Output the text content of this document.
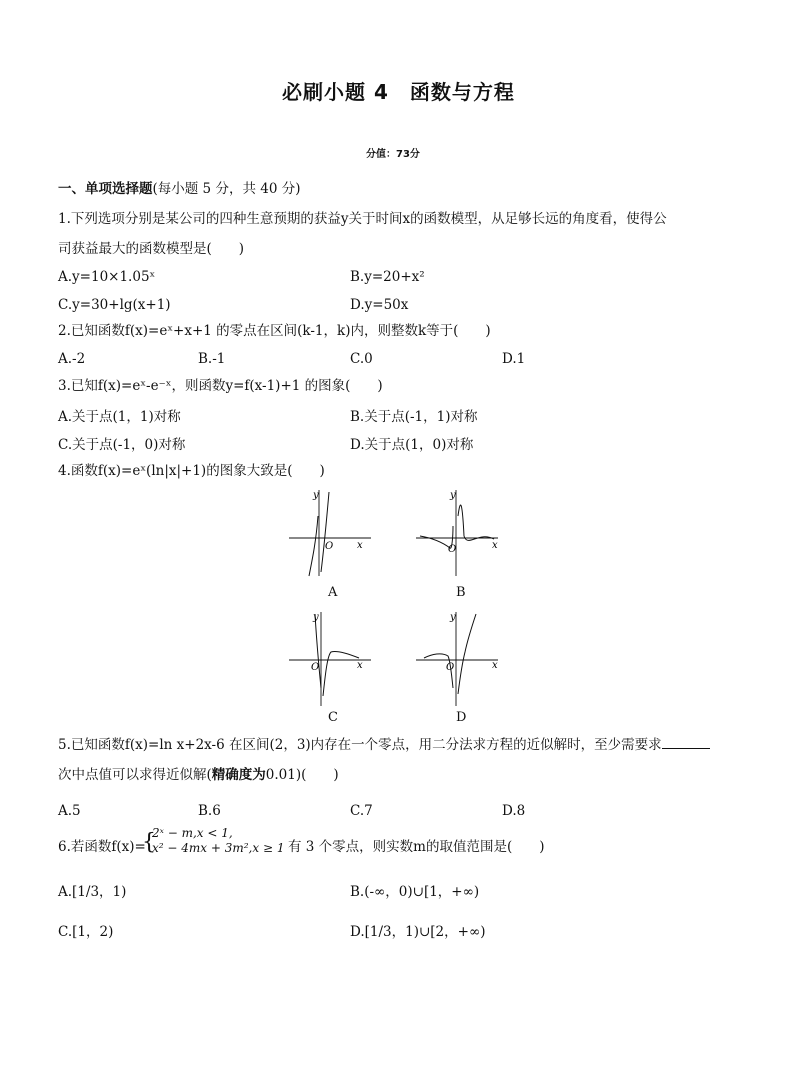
必刷小题 4　函数与方程
分值：73分
一、单项选择题(每小题 5 分，共 40 分)
1.下列选项分别是某公司的四种生意预期的获益y关于时间x的函数模型，从足够长远的角度看，使得公
司获益最大的函数模型是(　　)
A.y=10×1.05ˣ	B.y=20+x²
C.y=30+lg(x+1)	D.y=50x
2.已知函数f(x)=eˣ+x+1 的零点在区间(k-1，k)内，则整数k等于(　　)
A.-2	B.-1	C.0	D.1
3.已知f(x)=eˣ-e⁻ˣ，则函数y=f(x-1)+1 的图象(　　)
A.关于点(1，1)对称	B.关于点(-1，1)对称
C.关于点(-1，0)对称	D.关于点(1，0)对称
4.函数f(x)=eˣ(ln|x|+1)的图象大致是(　　)
y
x
O
A
y
x
O
B
y
x
O
C
y
x
O
D
5.已知函数f(x)=ln x+2x-6 在区间(2，3)内存在一个零点，用二分法求方程的近似解时，至少需要求
次中点值可以求得近似解(精确度为0.01)(　　)
A.5	B.6	C.7	D.8
6.若函数f(x)=
{
2ˣ − m,x < 1,
x² − 4mx + 3m²,x ≥ 1 有 3 个零点，则实数m的取值范围是(　　)
A.[1/3，1)	B.(-∞，0)∪[1，+∞)
C.[1，2)	D.[1/3，1)∪[2，+∞)
